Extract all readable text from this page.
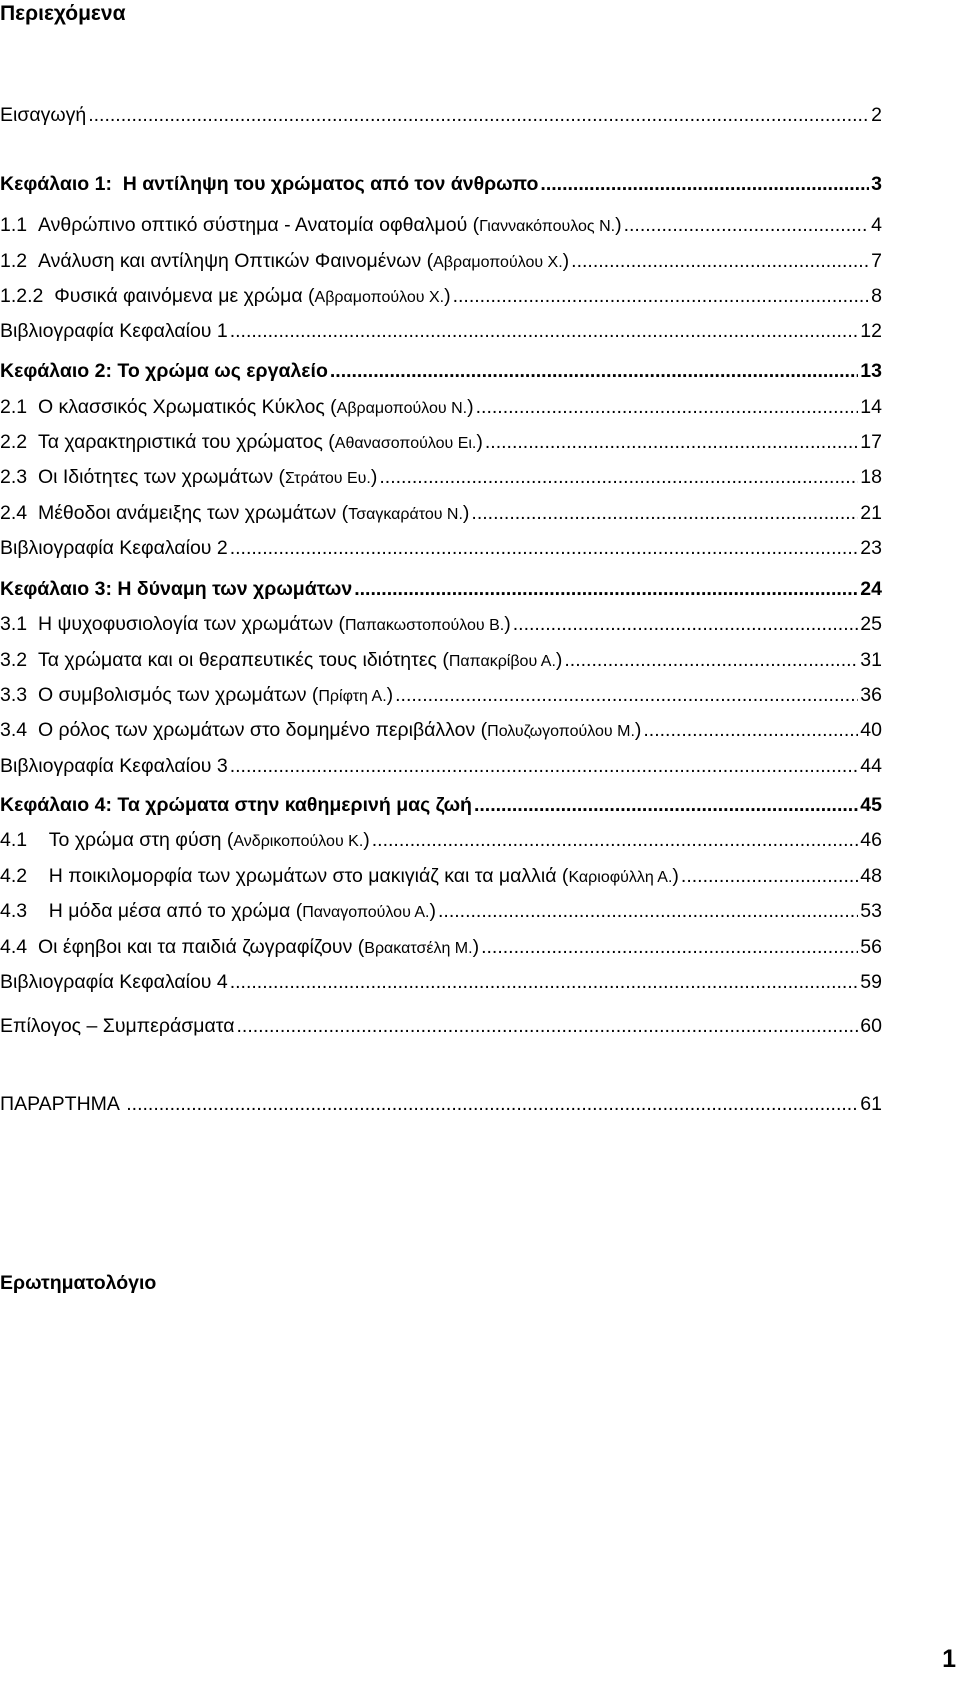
Περιεχόμενα
Εισαγωγή .....	2
Κεφάλαιο 1:  Η αντίληψη του χρώματος από τον άνθρωπο .....	3
1.1 Ανθρώπινο οπτικό σύστημα - Ανατομία οφθαλμού ( Γιαννακόπουλος Ν. ) .....	4
1.2 Ανάλυση και αντίληψη Οπτικών Φαινομένων ( Αβραμοπούλου Χ. ) .....	7
1.2.2 Φυσικά φαινόμενα με χρώμα ( Αβραμοπούλου Χ. ) .....	8
Βιβλιογραφία Κεφαλαίου 1 .....	12
Κεφάλαιο 2: Το χρώμα ως εργαλείο .....	13
2.1 Ο κλασσικός Χρωματικός Κύκλος ( Αβραμοπούλου Ν. ) .....	14
2.2 Τα χαρακτηριστικά του χρώματος ( Αθανασοπούλου Ει. ) .....	17
2.3 Οι Ιδιότητες των χρωμάτων ( Στράτου Ευ. ) .....	18
2.4 Μέθοδοι ανάμειξης των χρωμάτων ( Τσαγκαράτου Ν. ) .....	21
Βιβλιογραφία Κεφαλαίου 2 .....	23
Κεφάλαιο 3: Η δύναμη των χρωμάτων .....	24
3.1 Η ψυχοφυσιολογία των χρωμάτων ( Παπακωστοπούλου Β. ) .....	25
3.2 Τα χρώματα και οι θεραπευτικές τους ιδιότητες ( Παπακρίβου Α. ) .....	31
3.3 Ο συμβολισμός των χρωμάτων ( Πρίφτη Α. ) .....	36
3.4 Ο ρόλος των χρωμάτων στο δομημένο περιβάλλον ( Πολυζωγοπούλου Μ. ) .....	40
Βιβλιογραφία Κεφαλαίου 3 .....	44
Κεφάλαιο 4: Τα χρώματα στην καθημερινή μας ζωή .....	45
4.1 Το χρώμα στη φύση ( Ανδρικοπούλου Κ. ) .....	46
4.2 Η ποικιλομορφία των χρωμάτων στο μακιγιάζ και τα μαλλιά ( Καριοφύλλη Α. ) .....	48
4.3 Η μόδα μέσα από το χρώμα ( Παναγοπούλου Α. ) .....	53
4.4 Οι έφηβοι και τα παιδιά ζωγραφίζουν ( Βρακατσέλη Μ. ) .....	56
Βιβλιογραφία Κεφαλαίου 4 .....	59
Επίλογος – Συμπεράσματα .....	60
ΠΑΡΑΡΤΗΜΑ .....	61
Ερωτηματολόγιο
1
